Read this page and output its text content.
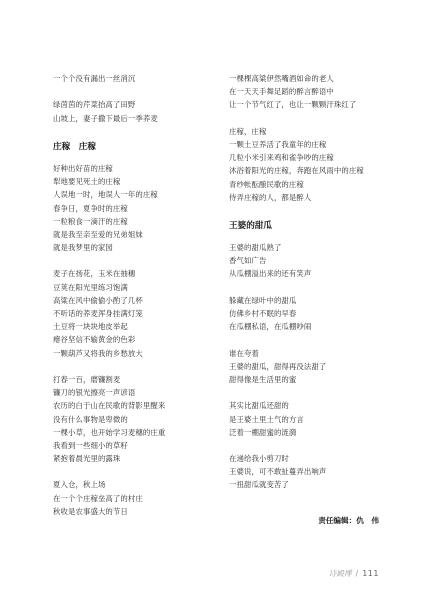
一个个没有漏出一丝消沉
绿茵茵的芹菜抬高了田野
山坡上，妻子撒下最后一季荞麦
庄稼　庄稼
好种出好苗的庄稼
犁地要见死土的庄稼
人误地一时，地误人一年的庄稼
春争日，夏争时的庄稼
一粒粮食一滴汗的庄稼
就是我至亲至爱的兄弟姐妹
就是我梦里的家园
麦子在扬花，玉米在抽穗
豆荚在阳光里练习饱满
高粱在风中偷偷小酌了几杯
不听话的荞麦浑身挂满灯笼
土豆将一块块地皮举起
瘪谷坚信不输黄金的色彩
一颗葫芦又将我的乡愁放大
打春一百，磨镰割麦
镰刀的银光擦亮一声谚语
农历的白于山在民歌的背影里醒来
没有什么事物是卑微的
一棵小草，也开始学习麦穗的庄重
我看到一些细小的草籽
紧抱着晨光里的露珠
夏入仓，秋上场
在一个个庄稼垒高了的村庄
秋收是农事盛大的节日
一棵棵高粱伊然嘴酒如命的老人
在一天天手舞足蹈的醉言醉语中
让一个节气红了，也让一颗颗汗珠红了
庄稼，庄稼
一颗土豆养活了我童年的庄稼
几粒小米引来鸡和雀争吵的庄稼
沐浴着阳光的庄稼，奔跑在风雨中的庄稼
青纱帐酝酿民歌的庄稼
侍弄庄稼的人，都是醉人
王婆的甜瓜
王婆的甜瓜熟了
香气如广告
从瓜棚溢出来的还有笑声
躲藏在绿叶中的甜瓜
仿佛乡村不眠的早春
在瓜棚私语，在瓜棚吵闹
谁在夸着
王婆的甜瓜，甜得再没法甜了
甜得像是生活里的蜜
其实比甜瓜还甜的
是王婆土里土气的方言
泛着一棚甜蜜的涟漪
在递给我小剪刀时
王婆说，可不敢扯蔓弄出响声
一扭甜瓜就变苦了
责任编辑：仇　伟
诗殿博 / 111
